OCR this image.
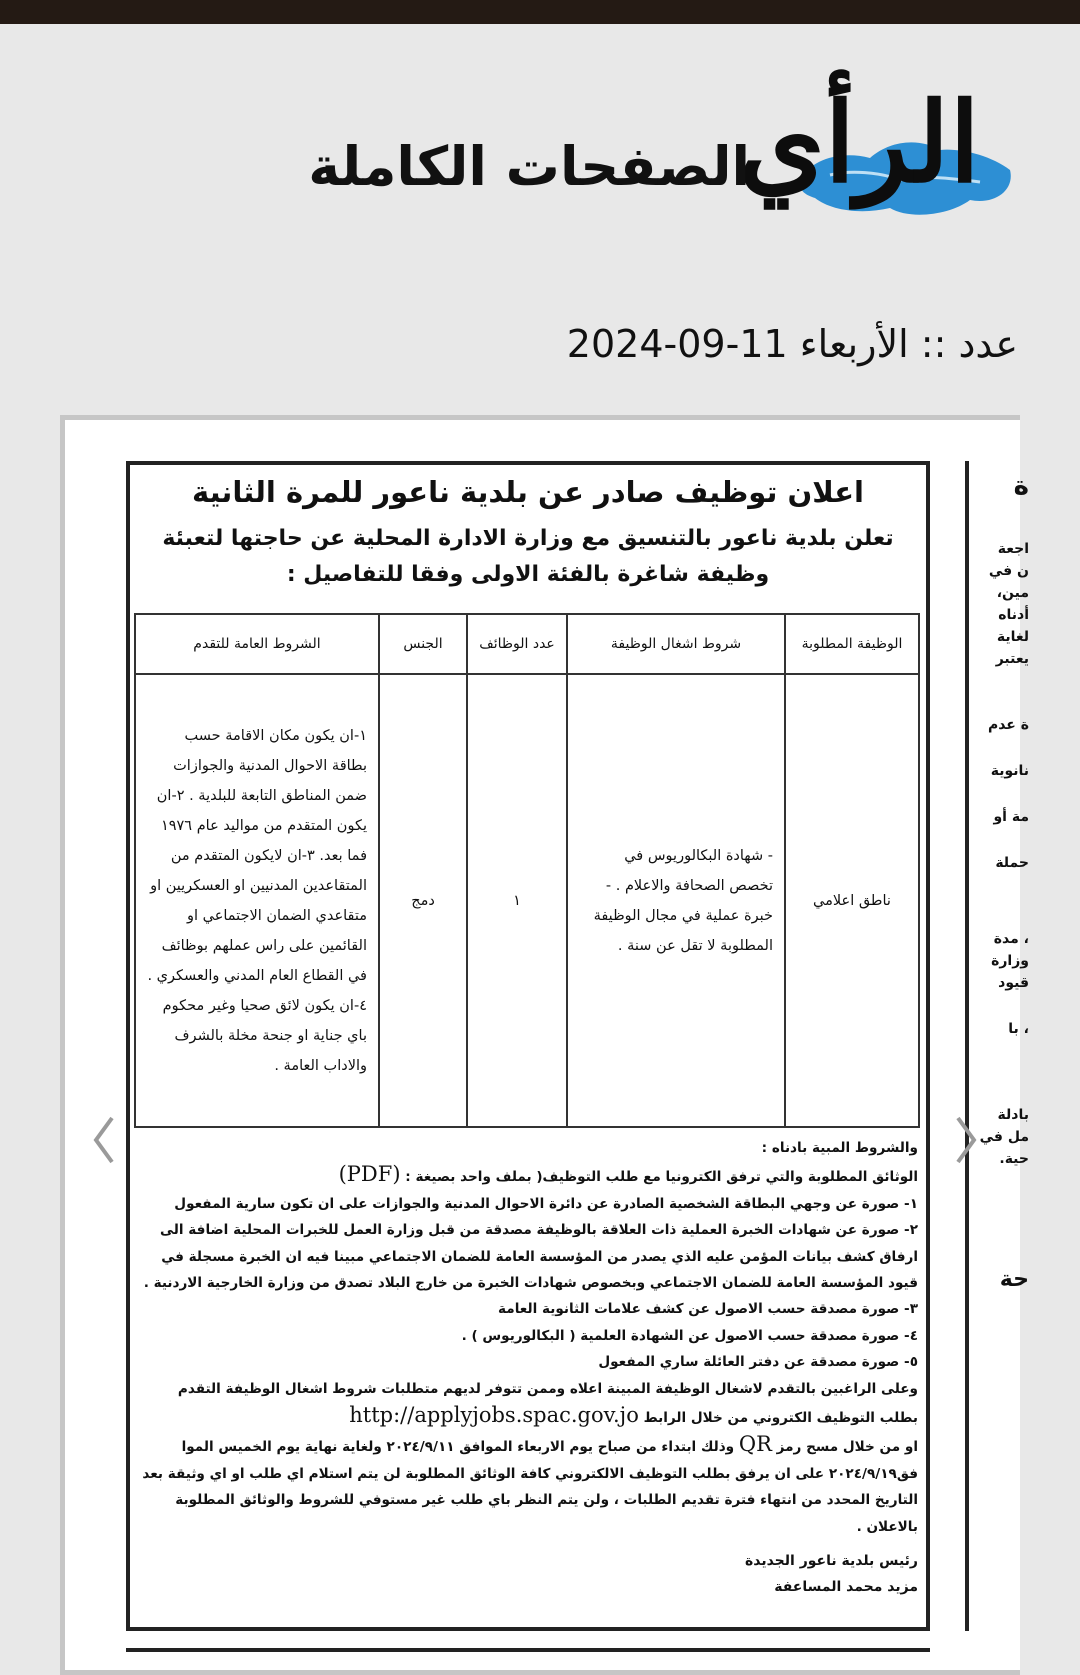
الرأي
الصفحات الكاملة
عدد :: الأربعاء 11-09-2024
ة
اجعة
ن في
مين،
أدناه
لغاية
يعتبر
ة عدم
نانوية
مة أو
حملة
، مدة
وزارة
قيود
، با
بادلة
مل في
حية.
حة
اعلان توظيف صادر عن بلدية ناعور للمرة الثانية
تعلن بلدية ناعور بالتنسيق مع وزارة الادارة المحلية عن حاجتها لتعبئة وظيفة شاغرة بالفئة الاولى وفقا للتفاصيل :
الوظيفة المطلوبة	شروط اشغال الوظيفة	عدد الوظائف	الجنس	الشروط العامة للتقدم
ناطق اعلامي	- شهادة البكالوريوس في تخصص الصحافة والاعلام . - خبرة عملية في مجال الوظيفة المطلوبة لا تقل عن سنة .	١	دمج	١-ان يكون مكان الاقامة حسب بطاقة الاحوال المدنية والجوازات ضمن المناطق التابعة للبلدية . ٢-ان يكون المتقدم من مواليد عام ١٩٧٦ فما بعد. ٣-ان لايكون المتقدم من المتقاعدين المدنيين او العسكريين او متقاعدي الضمان الاجتماعي او القائمين على راس عملهم بوظائف في القطاع العام المدني والعسكري . ٤-ان يكون لائق صحيا وغير محكوم باي جناية او جنحة مخلة بالشرف والاداب العامة .
والشروط المبية بادناه :
الوثائق المطلوبة والتي ترفق الكترونيا مع طلب التوظيف( بملف واحد بصيغة : (PDF)
١- صورة عن وجهي البطاقة الشخصية الصادرة عن دائرة الاحوال المدنية والجوازات على ان تكون سارية المفعول
٢- صورة عن شهادات الخبرة العملية ذات العلاقة بالوظيفة مصدقة من قبل وزارة العمل للخبرات المحلية اضافة الى ارفاق كشف بيانات المؤمن عليه الذي يصدر من المؤسسة العامة للضمان الاجتماعي مبينا فيه ان الخبرة مسجلة في قيود المؤسسة العامة للضمان الاجتماعي وبخصوص شهادات الخبرة من خارج البلاد تصدق من وزارة الخارجية الاردنية .
٣- صورة مصدقة حسب الاصول عن كشف علامات الثانوية العامة
٤- صورة مصدقة حسب الاصول عن الشهادة العلمية ( البكالوريوس ) .
٥- صورة مصدقة عن دفتر العائلة ساري المفعول
وعلى الراغبين بالتقدم لاشغال الوظيفة المبينة اعلاه وممن تتوفر لديهم متطلبات شروط اشغال الوظيفة التقدم بطلب التوظيف الكتروني من خلال الرابط http://applyjobs.spac.gov.jo
او من خلال مسح رمز QR وذلك ابتداء من صباح يوم الاربعاء الموافق ٢٠٢٤/٩/١١ ولغاية نهاية يوم الخميس الموا فق٢٠٢٤/٩/١٩ على ان يرفق بطلب التوظيف الالكتروني كافة الوثائق المطلوبة لن يتم استلام اي طلب او اي وثيقة بعد التاريخ المحدد من انتهاء فترة تقديم الطلبات ، ولن يتم النظر باي طلب غير مستوفي للشروط والوثائق المطلوبة بالاعلان .
رئيس بلدية ناعور الجديدة
مزيد محمد المساعفة
